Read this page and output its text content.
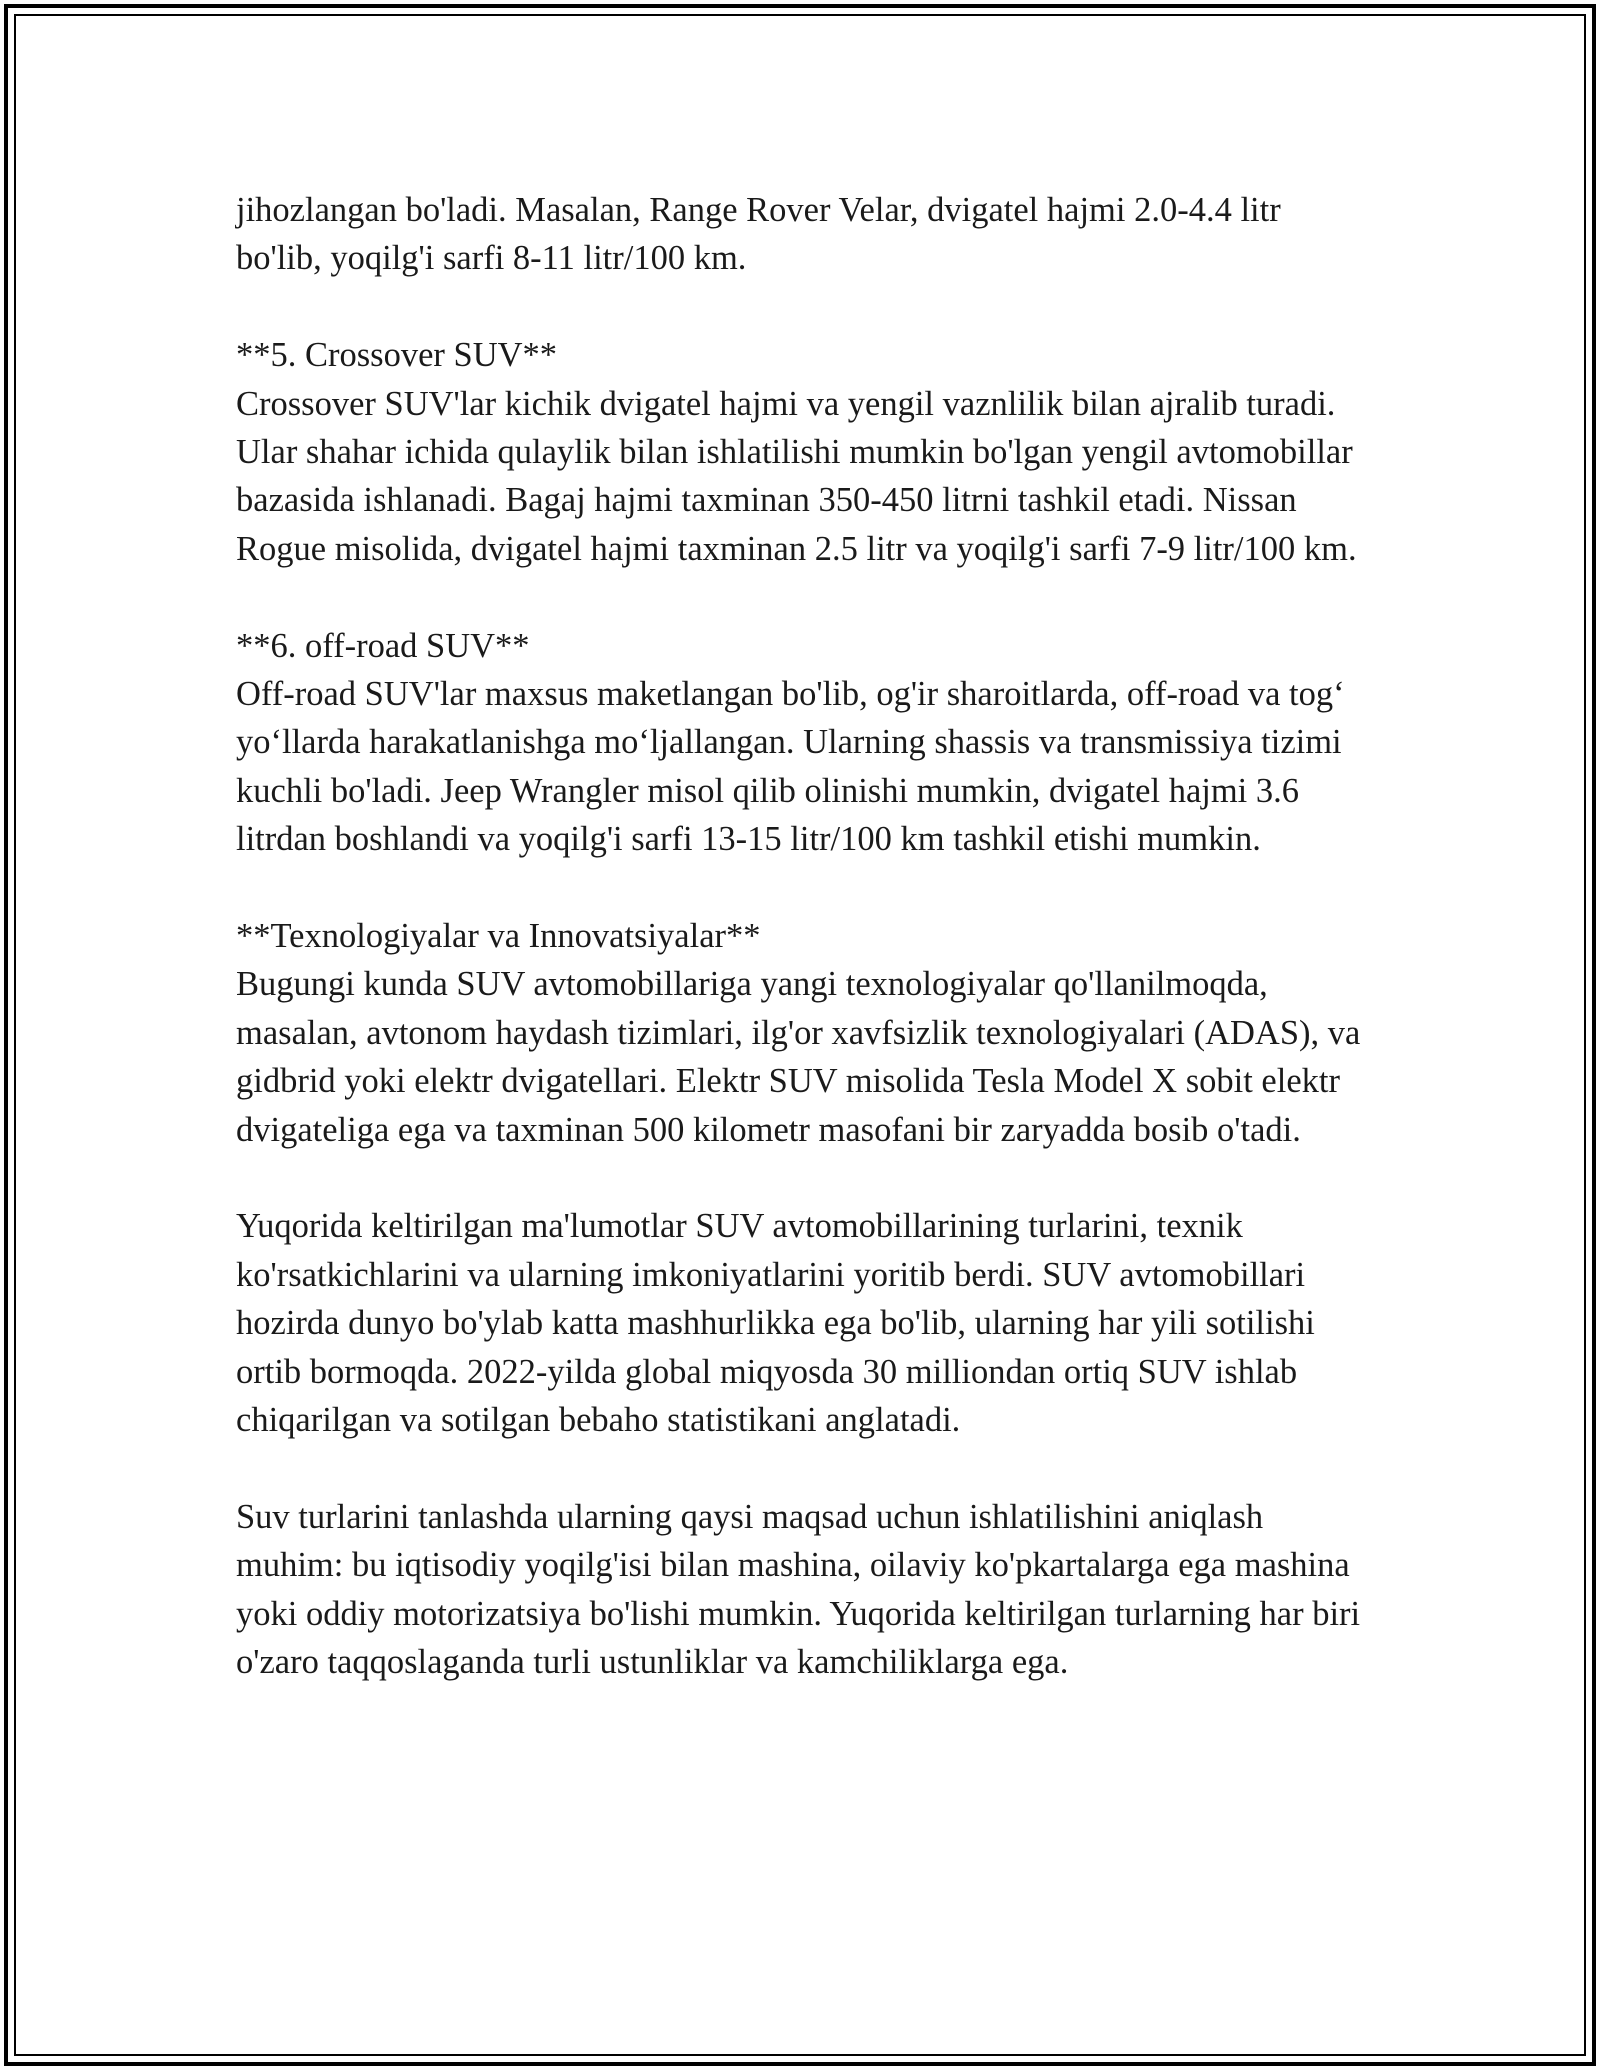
jihozlangan bo'ladi. Masalan, Range Rover Velar, dvigatel hajmi 2.0-4.4 litr bo'lib, yoqilg'i sarfi 8-11 litr/100 km.

**5. Crossover SUV**

Crossover SUV'lar kichik dvigatel hajmi va yengil vaznlilik bilan ajralib turadi. Ular shahar ichida qulaylik bilan ishlatilishi mumkin bo'lgan yengil avtomobillar bazasida ishlanadi. Bagaj hajmi taxminan 350-450 litrni tashkil etadi. Nissan Rogue misolida, dvigatel hajmi taxminan 2.5 litr va yoqilg'i sarfi 7-9 litr/100 km.

**6. off-road SUV**

Off-road SUV'lar maxsus maketlangan bo'lib, og'ir sharoitlarda, off-road va tog‘ yo‘llarda harakatlanishga mo‘ljallangan. Ularning shassis va transmissiya tizimi kuchli bo'ladi. Jeep Wrangler misol qilib olinishi mumkin, dvigatel hajmi 3.6 litrdan boshlandi va yoqilg'i sarfi 13-15 litr/100 km tashkil etishi mumkin.

**Texnologiyalar va Innovatsiyalar**

Bugungi kunda SUV avtomobillariga yangi texnologiyalar qo'llanilmoqda, masalan, avtonom haydash tizimlari, ilg'or xavfsizlik texnologiyalari (ADAS), va gidbrid yoki elektr dvigatellari. Elektr SUV misolida Tesla Model X sobit elektr dvigateliga ega va taxminan 500 kilometr masofani bir zaryadda bosib o'tadi.

Yuqorida keltirilgan ma'lumotlar SUV avtomobillarining turlarini, texnik ko'rsatkichlarini va ularning imkoniyatlarini yoritib berdi. SUV avtomobillari hozirda dunyo bo'ylab katta mashhurlikka ega bo'lib, ularning har yili sotilishi ortib bormoqda. 2022-yilda global miqyosda 30 milliondan ortiq SUV ishlab chiqarilgan va sotilgan bebaho statistikani anglatadi.

Suv turlarini tanlashda ularning qaysi maqsad uchun ishlatilishini aniqlash muhim: bu iqtisodiy yoqilg'isi bilan mashina, oilaviy ko'pkartalarga ega mashina yoki oddiy motorizatsiya bo'lishi mumkin. Yuqorida keltirilgan turlarning har biri o'zaro taqqoslaganda turli ustunliklar va kamchiliklarga ega.
